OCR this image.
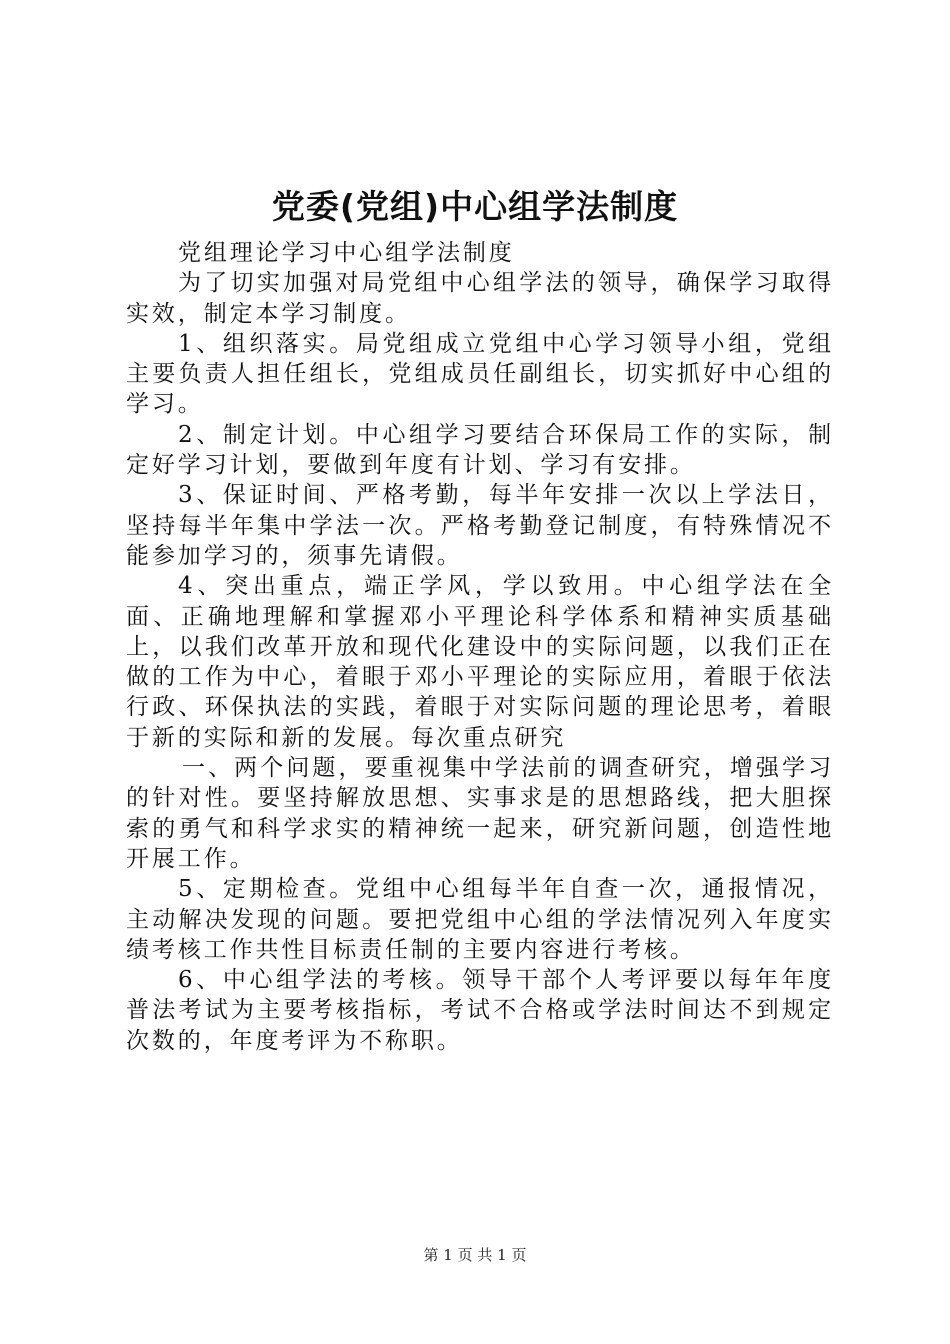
党委(党组)中心组学法制度

党组理论学习中心组学法制度

为了切实加强对局党组中心组学法的领导，确保学习取得实效，制定本学习制度。

1、组织落实。局党组成立党组中心学习领导小组，党组主要负责人担任组长，党组成员任副组长，切实抓好中心组的学习。

2、制定计划。中心组学习要结合环保局工作的实际，制定好学习计划，要做到年度有计划、学习有安排。

3、保证时间、严格考勤，每半年安排一次以上学法日，坚持每半年集中学法一次。严格考勤登记制度，有特殊情况不能参加学习的，须事先请假。

4、突出重点，端正学风，学以致用。中心组学法在全面、正确地理解和掌握邓小平理论科学体系和精神实质基础上，以我们改革开放和现代化建设中的实际问题，以我们正在做的工作为中心，着眼于邓小平理论的实际应用，着眼于依法行政、环保执法的实践，着眼于对实际问题的理论思考，着眼于新的实际和新的发展。每次重点研究

一、两个问题，要重视集中学法前的调查研究，增强学习的针对性。要坚持解放思想、实事求是的思想路线，把大胆探索的勇气和科学求实的精神统一起来，研究新问题，创造性地开展工作。

5、定期检查。党组中心组每半年自查一次，通报情况，主动解决发现的问题。要把党组中心组的学法情况列入年度实绩考核工作共性目标责任制的主要内容进行考核。

6、中心组学法的考核。领导干部个人考评要以每年年度普法考试为主要考核指标，考试不合格或学法时间达不到规定次数的，年度考评为不称职。

第 1 页 共 1 页
